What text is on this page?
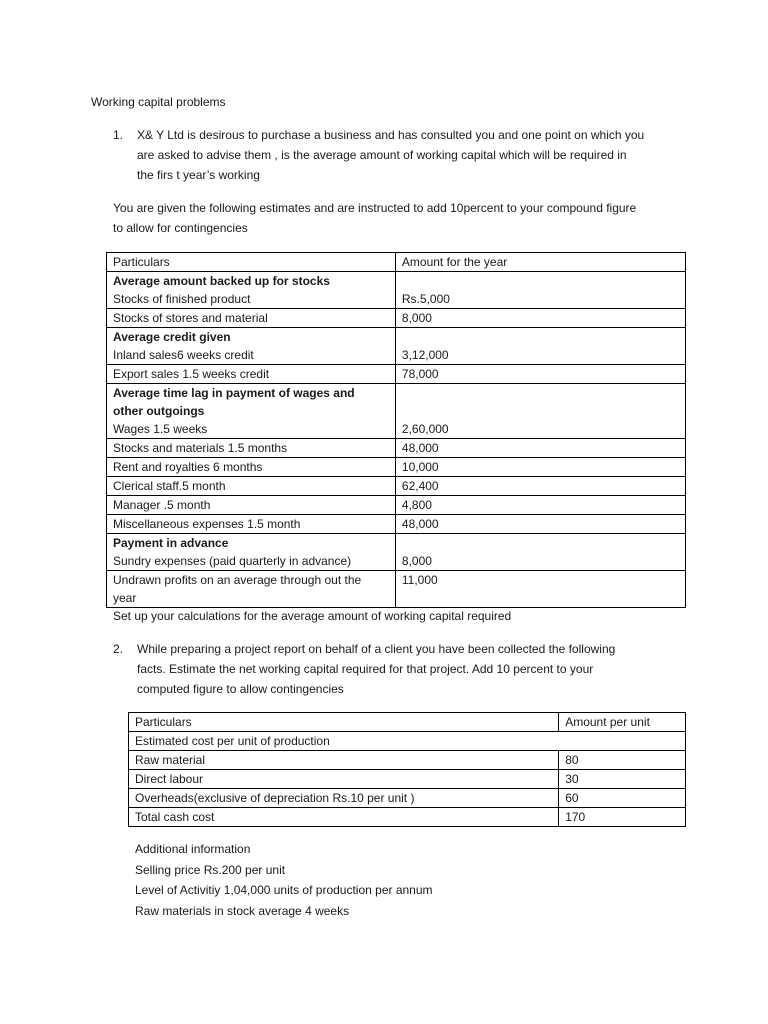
Working capital problems
1. X& Y Ltd is desirous to purchase a business and has consulted you and one point on which you
are asked to advise them , is the average amount of working capital which will be required in
the firs t year’s working
You are given the following estimates and are instructed to add 10percent to your compound figure
to allow for contingencies
Particulars	Amount for the year

Average amount backed up for stocks
Stocks of finished product	Rs.5,000
Stocks of stores and material	8,000

Average credit given
Inland sales6 weeks credit	3,12,000
Export sales 1.5 weeks credit	78,000

Average time lag in payment of wages and
other outgoings
Wages 1.5 weeks	2,60,000
Stocks and materials 1.5 months	48,000
Rent and royalties 6 months	10,000
Clerical staff.5 month	62,400
Manager .5 month	4,800
Miscellaneous expenses 1.5 month	48,000

Payment in advance
Sundry expenses (paid quarterly in advance)	8,000

Undrawn profits on an average through out the
year	11,000
Set up your calculations for the average amount of working capital required
2. While preparing a project report on behalf of a client you have been collected the following
facts. Estimate the net working capital required for that project. Add 10 percent to your
computed figure to allow contingencies
Particulars	Amount per unit
Estimated cost per unit of production	
Raw material	80
Direct labour	30
Overheads(exclusive of depreciation Rs.10 per unit )	60
Total cash cost	170
Additional information
Selling price Rs.200 per unit
Level of Activitiy 1,04,000 units of production per annum
Raw materials in stock average 4 weeks
